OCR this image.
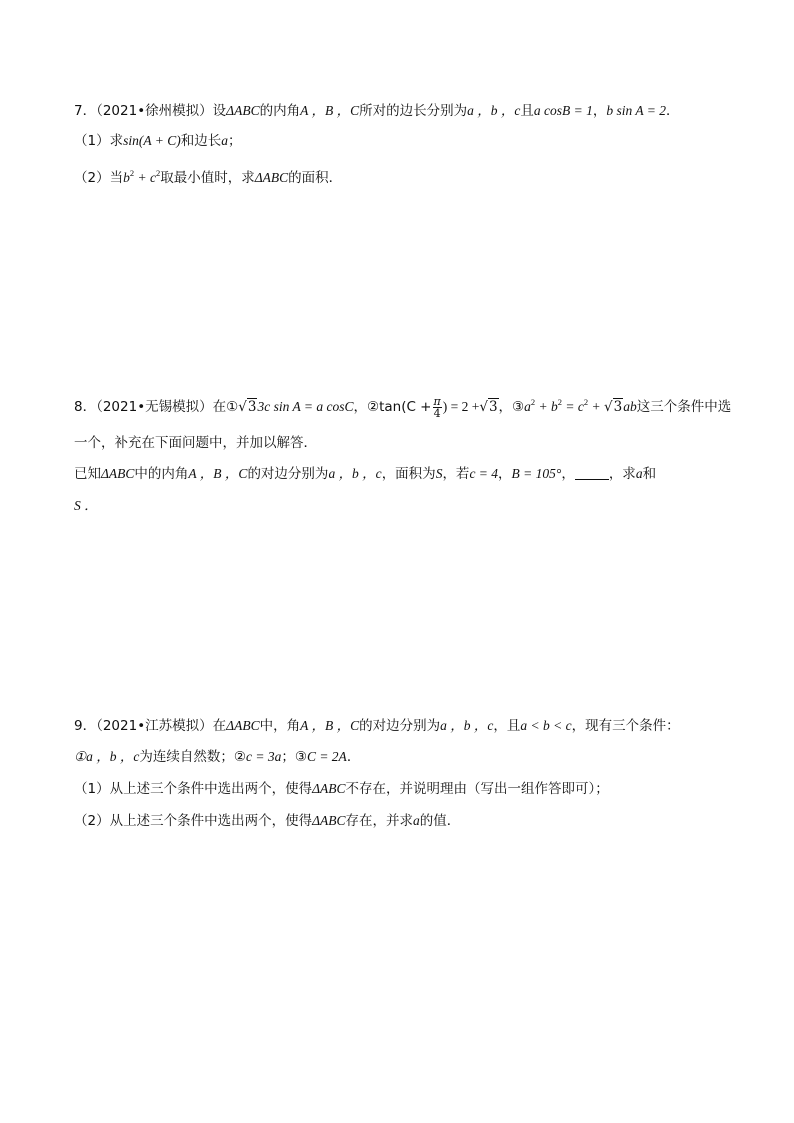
7．（2021•徐州模拟）设ΔABC的内角A ，B ，C所对的边长分别为a ，b ，c且a cosB = 1，b sin A = 2．
（1）求sin(A + C)和边长a；
（2）当$b^2 + c^2$取最小值时，求ΔABC的面积．
8．（2021•无锡模拟）在①√33c sin A = a cosC，②tan(C + $\frac{\pi}{4}$ ) = 2 +√3，$③a^2 + b^2 = c^2 + √3ab$这三个条件中选
一个，补充在下面问题中，并加以解答．
已知ΔABC中的内角A ，B ，C的对边分别为a ，b ，c，面积为S，若c = 4，B = 105°，	，求a和
S ．
9．（2021•江苏模拟）在ΔABC中，角A ，B ，C的对边分别为a ，b ，c，且a < b < c，现有三个条件：
①a ，b ，c为连续自然数；②c = 3a；③C = 2A．
（1）从上述三个条件中选出两个，使得ΔABC不存在，并说明理由（写出一组作答即可）；
（2）从上述三个条件中选出两个，使得ΔABC存在，并求a的值．
